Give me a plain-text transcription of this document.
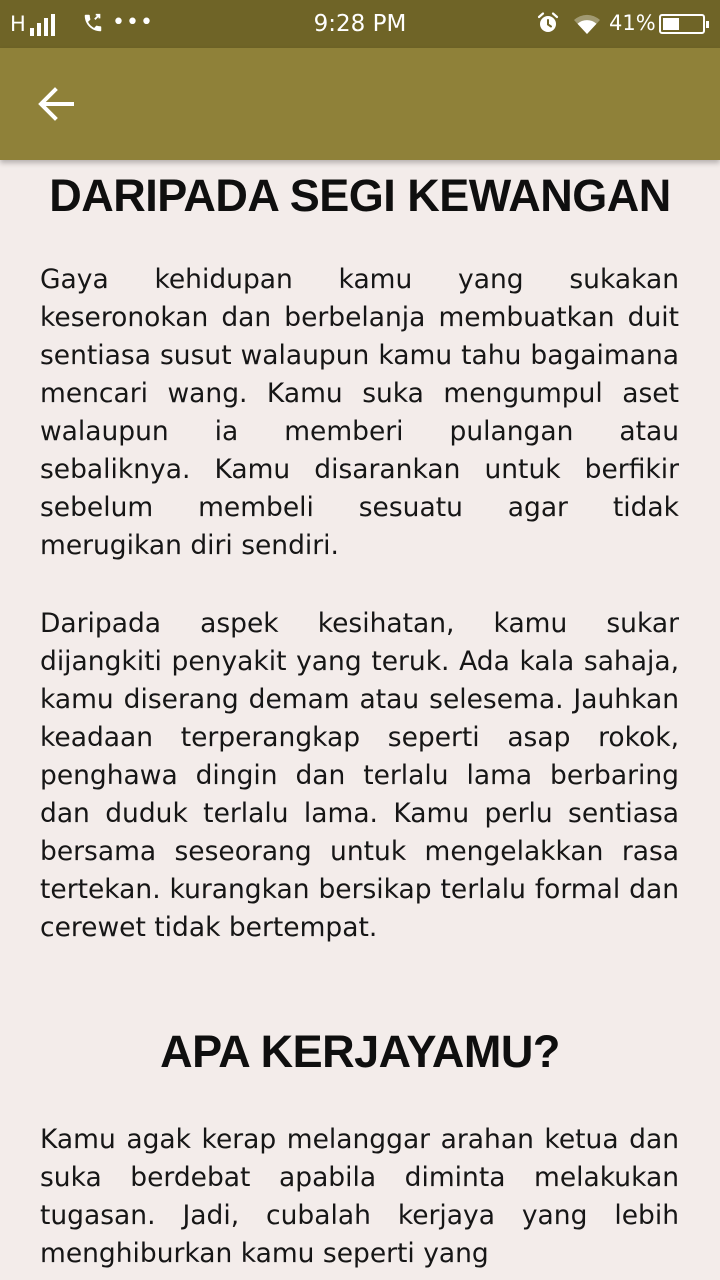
H	•••	9:28 PM	41%
DARIPADA SEGI KEWANGAN

Gaya kehidupan kamu yang sukakan keseronokan dan berbelanja membuatkan duit sentiasa susut walaupun kamu tahu bagaimana mencari wang. Kamu suka mengumpul aset walaupun ia memberi pulangan atau sebaliknya. Kamu disarankan untuk berfikir sebelum membeli sesuatu agar tidak merugikan diri sendiri.

Daripada aspek kesihatan, kamu sukar dijangkiti penyakit yang teruk. Ada kala sahaja, kamu diserang demam atau selesema. Jauhkan keadaan terperangkap seperti asap rokok, penghawa dingin dan terlalu lama berbaring dan duduk terlalu lama. Kamu perlu sentiasa bersama seseorang untuk mengelakkan rasa tertekan. kurangkan bersikap terlalu formal dan cerewet tidak bertempat.

APA KERJAYAMU?

Kamu agak kerap melanggar arahan ketua dan suka berdebat apabila diminta melakukan tugasan. Jadi, cubalah kerjaya yang lebih menghiburkan kamu seperti yang
